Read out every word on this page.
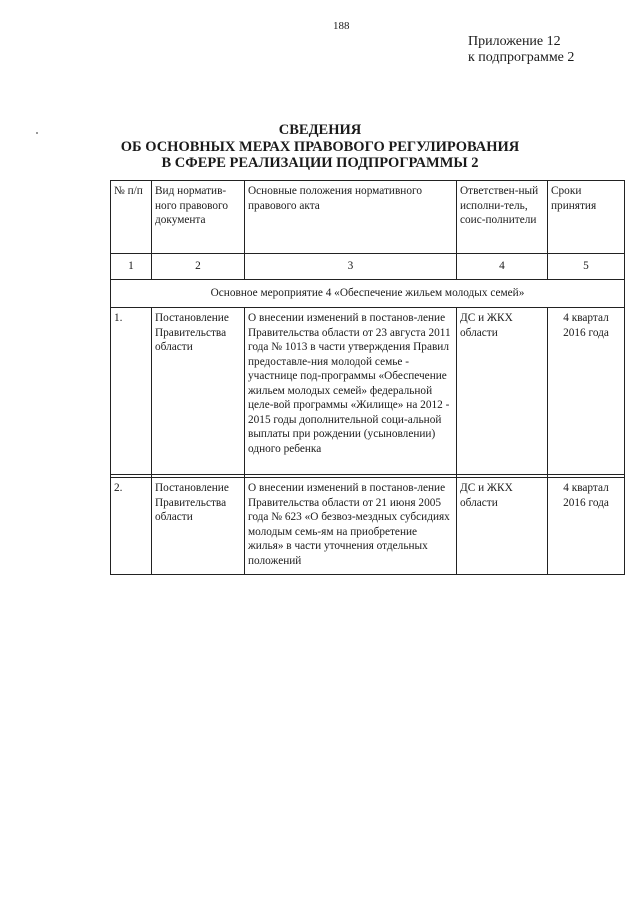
188
Приложение 12
к подпрограмме 2
СВЕДЕНИЯ
ОБ ОСНОВНЫХ МЕРАХ ПРАВОВОГО РЕГУЛИРОВАНИЯ
В СФЕРЕ РЕАЛИЗАЦИИ ПОДПРОГРАММЫ 2
№ п/п	Вид норматив-ного правового документа	Основные положения нормативного правового акта	Ответствен-ный исполни-тель, соис-полнители	Сроки принятия
1	2	3	4	5
Основное мероприятие 4 «Обеспечение жильем молодых семей»				
1.	Постановление Правительства области	О внесении изменений в постанов-ление Правительства области от 23 августа 2011 года № 1013 в части утверждения Правил предоставле-ния молодой семье - участнице под-программы «Обеспечение жильем молодых семей» федеральной целе-вой программы «Жилище» на 2012 - 2015 годы дополнительной соци-альной выплаты при рождении (усыновлении) одного ребенка	ДС и ЖКХ области	4 квартал 2016 года

2.	Постановление Правительства области	О внесении изменений в постанов-ление Правительства области от 21 июня 2005 года № 623 «О безвоз-мездных субсидиях молодым семь-ям на приобретение жилья» в части уточнения отдельных положений	ДС и ЖКХ области	4 квартал 2016 года
